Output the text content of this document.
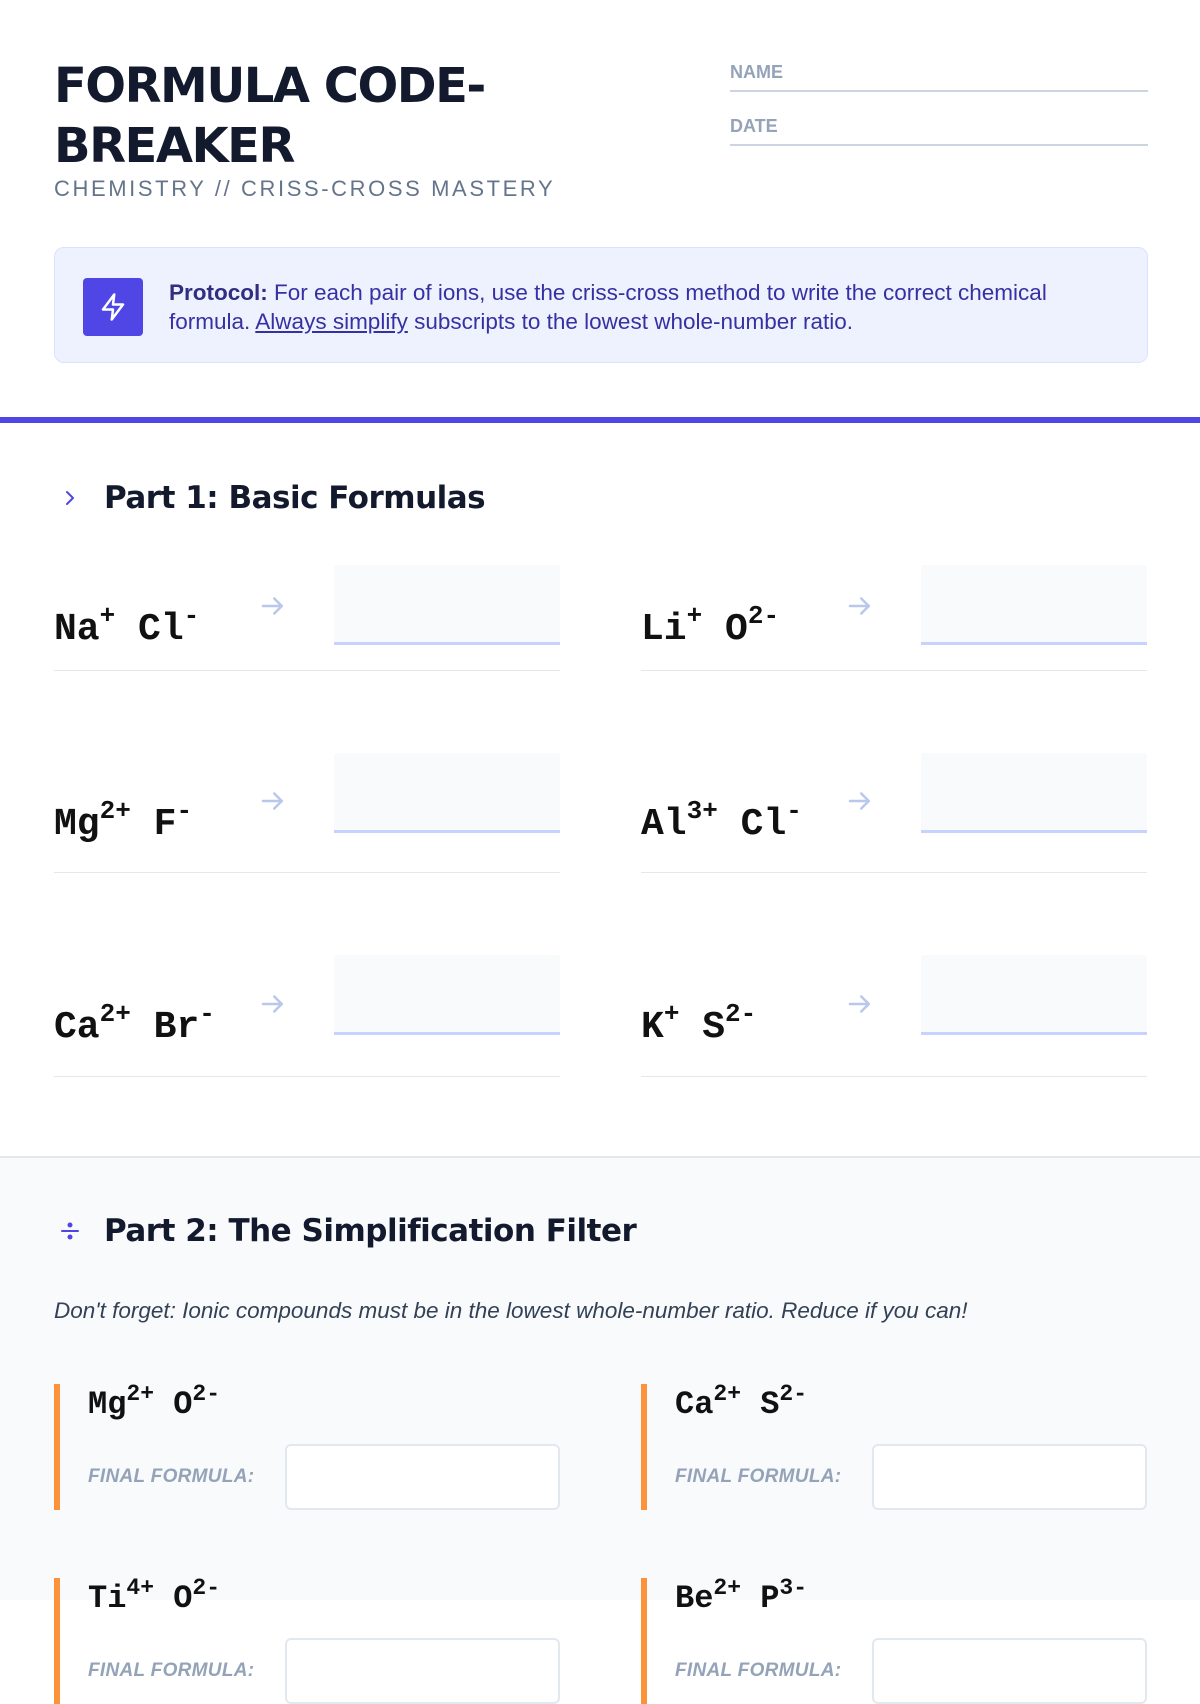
FORMULA CODE-BREAKER
CHEMISTRY // CRISS-CROSS MASTERY
NAME
DATE
Protocol: For each pair of ions, use the criss-cross method to write the correct chemical formula. Always simplify subscripts to the lowest whole-number ratio.
Part 1: Basic Formulas
Na+ Cl-	Li+ $O^{2-}$
$Mg^{2+}$ F-	$Al^{3+}$ Cl-
$Ca^{2+}$ Br-	K+ $S^{2-}$
Part 2: The Simplification Filter
Don't forget: Ionic compounds must be in the lowest whole-number ratio. Reduce if you can!
$Mg^{2+}$ $O^{2-}$
FINAL FORMULA:
$Ca^{2+}$ $S^{2-}$
FINAL FORMULA:
$Ti^{4+}$ $O^{2-}$
FINAL FORMULA:
$Be^{2+}$ $P^{3-}$
FINAL FORMULA:
